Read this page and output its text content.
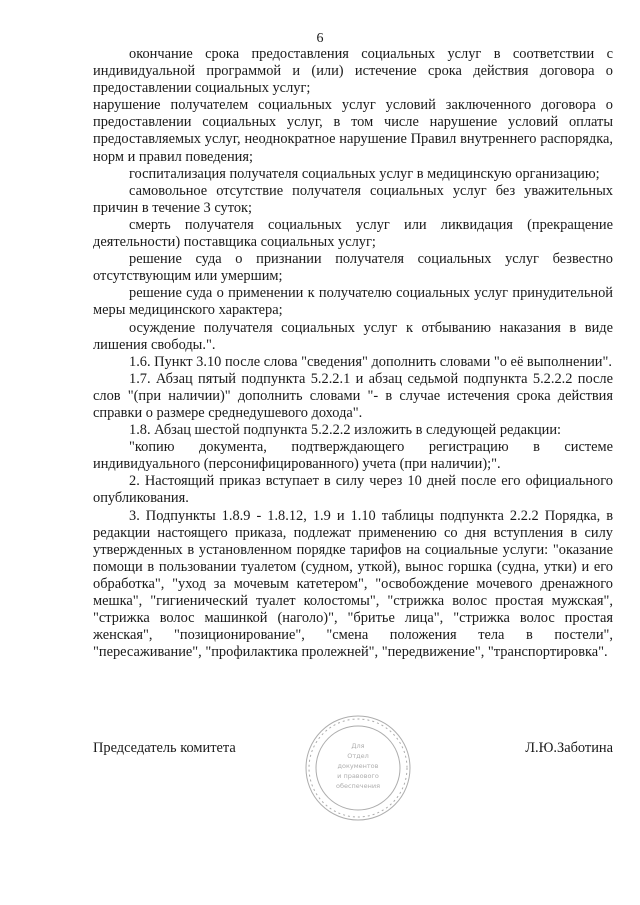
6

окончание срока предоставления социальных услуг в соответствии с индивидуальной программой и (или) истечение срока действия договора о предоставлении социальных услуг;

нарушение получателем социальных услуг условий заключенного договора о предоставлении социальных услуг, в том числе нарушение условий оплаты предоставляемых услуг, неоднократное нарушение Правил внутреннего распорядка, норм и правил поведения;

госпитализация получателя социальных услуг в медицинскую организацию;

самовольное отсутствие получателя социальных услуг без уважительных причин в течение 3 суток;

смерть получателя социальных услуг или ликвидация (прекращение деятельности) поставщика социальных услуг;

решение суда о признании получателя социальных услуг безвестно отсутствующим или умершим;

решение суда о применении к получателю социальных услуг принудительной меры медицинского характера;

осуждение получателя социальных услуг к отбыванию наказания в виде лишения свободы.".

1.6. Пункт 3.10 после слова "сведения" дополнить словами "о её выполнении".

1.7. Абзац пятый подпункта 5.2.2.1 и абзац седьмой подпункта 5.2.2.2 после слов "(при наличии)" дополнить словами "- в случае истечения срока действия справки о размере среднедушевого дохода".

1.8. Абзац шестой подпункта 5.2.2.2 изложить в следующей редакции:

"копию документа, подтверждающего регистрацию в системе индивидуального (персонифицированного) учета (при наличии);".

2. Настоящий приказ вступает в силу через 10 дней после его официального опубликования.

3. Подпункты 1.8.9 - 1.8.12, 1.9 и 1.10 таблицы подпункта 2.2.2 Порядка, в редакции настоящего приказа, подлежат применению со дня вступления в силу утвержденных в установленном порядке тарифов на социальные услуги: "оказание помощи в пользовании туалетом (судном, уткой), вынос горшка (судна, утки) и его обработка", "уход за мочевым катетером", "освобождение мочевого дренажного мешка", "гигиенический туалет колостомы", "стрижка волос простая мужская", "стрижка волос машинкой (наголо)", "бритье лица", "стрижка волос простая женская", "позиционирование", "смена положения тела в постели", "пересаживание", "профилактика пролежней", "передвижение", "транспортировка".

Для
Отдел
документов
и правового
обеспечения
Председатель комитета	Л.Ю.Заботина
